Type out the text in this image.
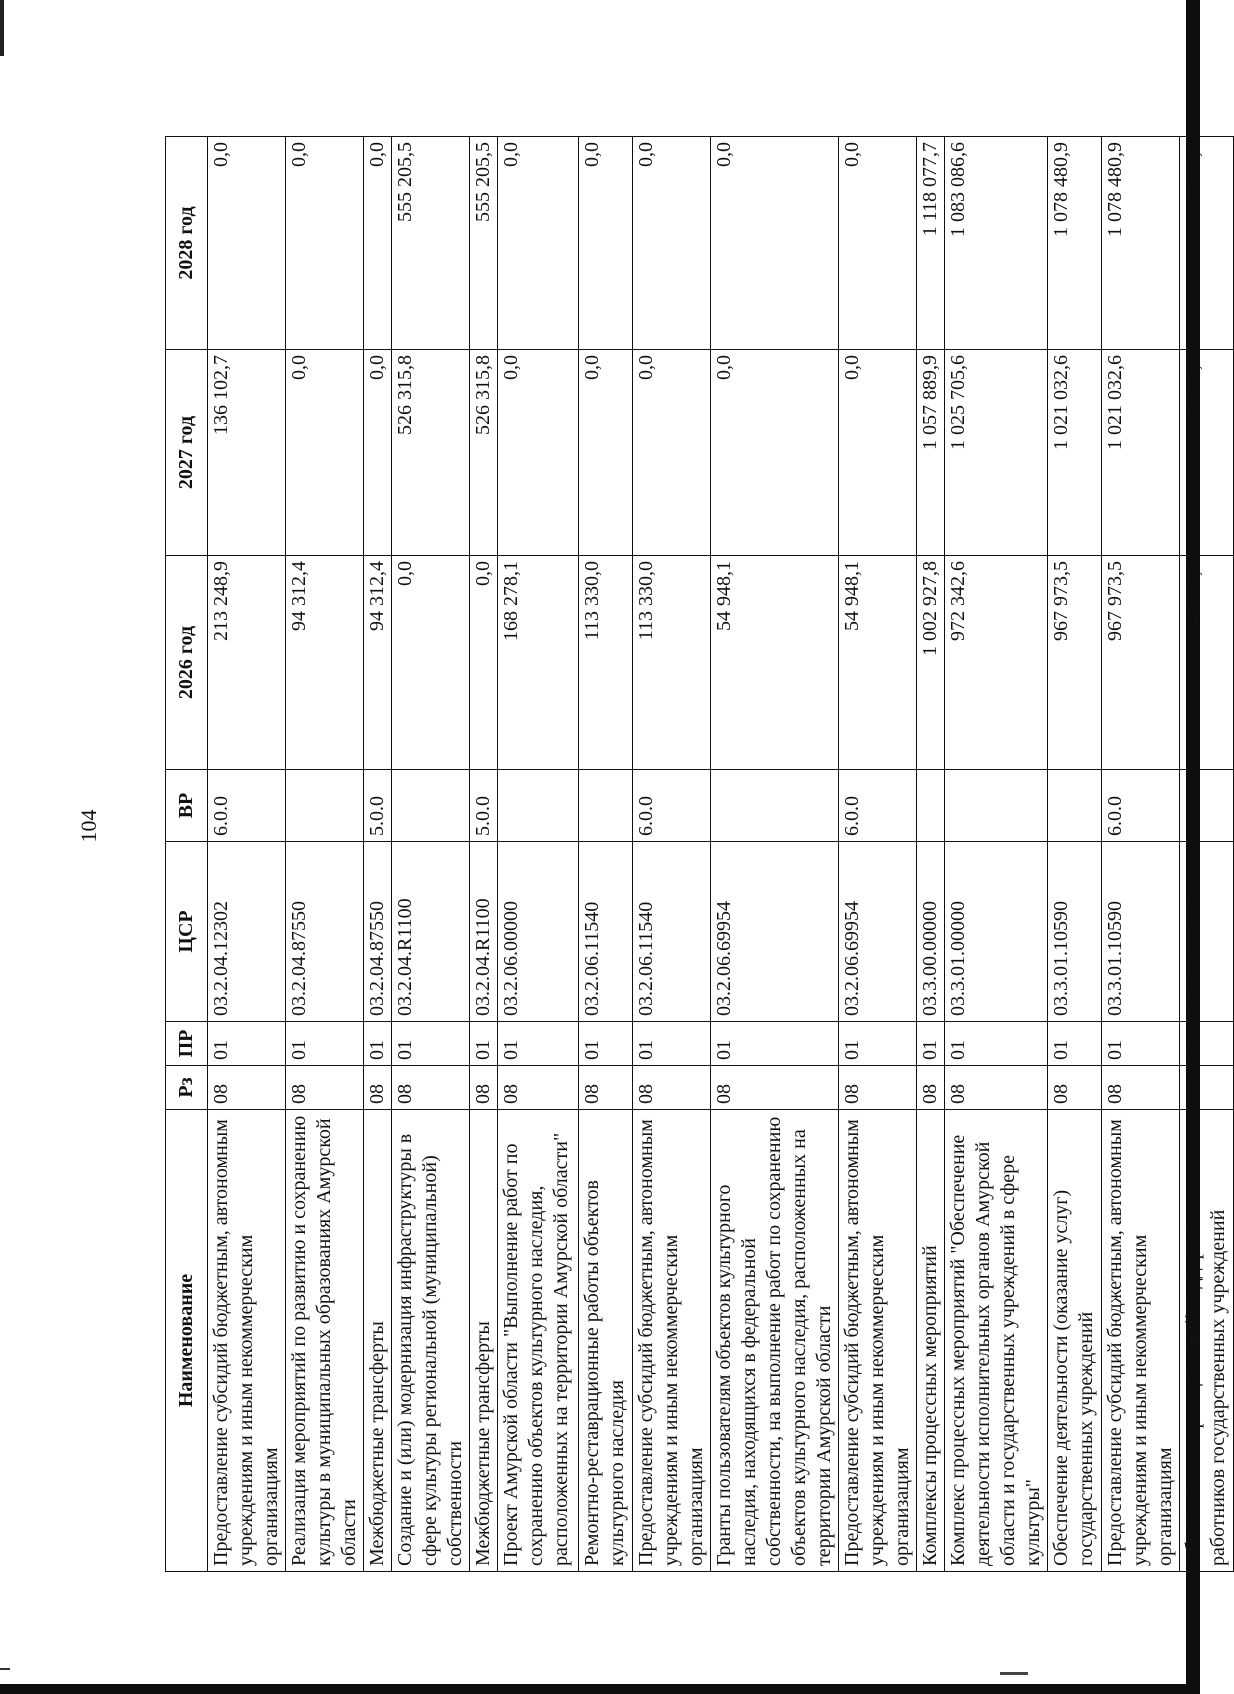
104
Наименование	Рз	ПР	ЦСР	ВР	2026 год	2027 год	2028 год
Предоставление субсидий бюджетным, автономным учреждениям и иным некоммерческим организациям	08	01	03.2.04.12302	6.0.0	213 248,9	136 102,7	0,0
Реализация мероприятий по развитию и сохранению культуры в муниципальных образованиях Амурской области	08	01	03.2.04.87550		94 312,4	0,0	0,0
Межбюджетные трансферты	08	01	03.2.04.87550	5.0.0	94 312,4	0,0	0,0
Создание и (или) модернизация инфраструктуры в сфере культуры региональной (муниципальной) собственности	08	01	03.2.04.R1100		0,0	526 315,8	555 205,5
Межбюджетные трансферты	08	01	03.2.04.R1100	5.0.0	0,0	526 315,8	555 205,5
Проект Амурской области "Выполнение работ по сохранению объектов культурного наследия, расположенных на территории Амурской области"	08	01	03.2.06.00000		168 278,1	0,0	0,0
Ремонтно-реставрационные работы объектов культурного наследия	08	01	03.2.06.11540		113 330,0	0,0	0,0
Предоставление субсидий бюджетным, автономным учреждениям и иным некоммерческим организациям	08	01	03.2.06.11540	6.0.0	113 330,0	0,0	0,0
Гранты пользователям объектов культурного наследия, находящихся в федеральной собственности, на выполнение работ по сохранению объектов культурного наследия, расположенных на территории Амурской области	08	01	03.2.06.69954		54 948,1	0,0	0,0
Предоставление субсидий бюджетным, автономным учреждениям и иным некоммерческим организациям	08	01	03.2.06.69954	6.0.0	54 948,1	0,0	0,0
Комплексы процессных мероприятий	08	01	03.3.00.00000		1 002 927,8	1 057 889,9	1 118 077,7
Комплекс процессных мероприятий "Обеспечение деятельности исполнительных органов Амурской области и государственных учреждений в сфере культуры"	08	01	03.3.01.00000		972 342,6	1 025 705,6	1 083 086,6
Обеспечение деятельности (оказание услуг) государственных учреждений	08	01	03.3.01.10590		967 973,5	1 021 032,6	1 078 480,9
Предоставление субсидий бюджетным, автономным учреждениям и иным некоммерческим организациям	08	01	03.3.01.10590	6.0.0	967 973,5	1 021 032,6	1 078 480,9
Обеспечение мер социальной поддержки работников государственных учреждений	08	01	03.3.01.70630		4 369,0	4 673,0	4 605,7
